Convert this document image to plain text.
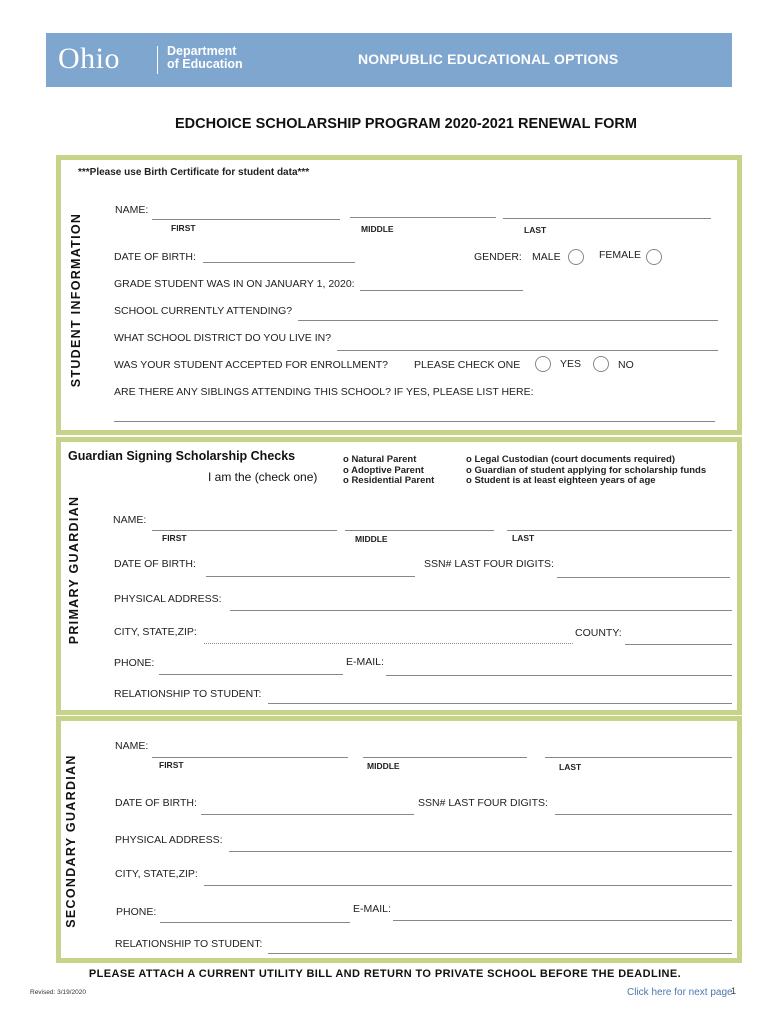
Ohio	Department
of Education	NONPUBLIC EDUCATIONAL OPTIONS
EDCHOICE SCHOLARSHIP PROGRAM 2020-2021 RENEWAL FORM
STUDENT INFORMATION
***Please use Birth Certificate for student data***
NAME:
FIRST	MIDDLE	LAST
DATE OF BIRTH:	GENDER: MALE	FEMALE
GRADE STUDENT WAS IN ON JANUARY 1, 2020:
SCHOOL CURRENTLY ATTENDING?
WHAT SCHOOL DISTRICT DO YOU LIVE IN?
WAS YOUR STUDENT ACCEPTED FOR ENROLLMENT? PLEASE CHECK ONE	YES	NO
ARE THERE ANY SIBLINGS ATTENDING THIS SCHOOL? IF YES, PLEASE LIST HERE:
PRIMARY GUARDIAN
Guardian Signing Scholarship Checks
I am the (check one)
o Natural Parent
o Adoptive Parent
o Residential Parent
o Legal Custodian (court documents required)
o Guardian of student applying for scholarship funds
o Student is at least eighteen years of age
NAME:
FIRST	MIDDLE	LAST
DATE OF BIRTH:	SSN# LAST FOUR DIGITS:
PHYSICAL ADDRESS:
CITY, STATE,ZIP:	COUNTY:
PHONE:	E-MAIL:
RELATIONSHIP TO STUDENT:
SECONDARY GUARDIAN
NAME:
FIRST	MIDDLE	LAST
DATE OF BIRTH:	SSN# LAST FOUR DIGITS:
PHYSICAL ADDRESS:
CITY, STATE,ZIP:
PHONE:	E-MAIL:
RELATIONSHIP TO STUDENT:
PLEASE ATTACH A CURRENT UTILITY BILL AND RETURN TO PRIVATE SCHOOL BEFORE THE DEADLINE.
Revised: 3/19/2020	Click here for next page
1
